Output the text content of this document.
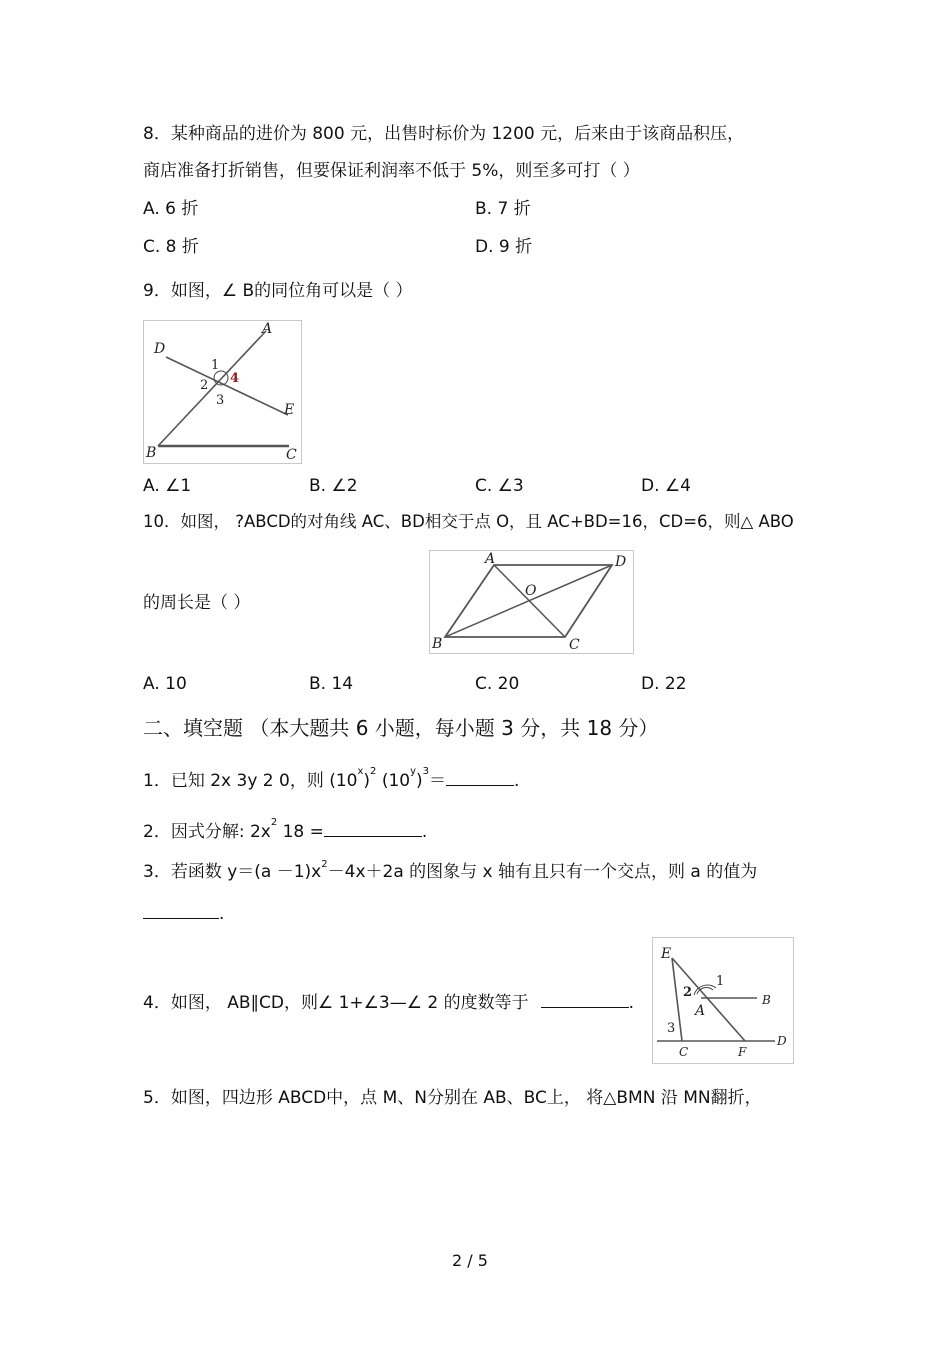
8．某种商品的进价为 800 元，出售时标价为 1200 元，后来由于该商品积压，
商店准备打折销售，但要保证利润率不低于 5%，则至多可打（ ）
A. 6 折	B. 7 折
C. 8 折	D. 9 折
9．如图，∠ B的同位角可以是（ ）
A
D
1
4
2
3
E
B	C
A. ∠1	B. ∠2	C. ∠3	D. ∠4
10．如图， ?ABCD的对角线 AC、BD相交于点 O，且 AC+BD=16，CD=6，则△ ABO
的周长是（ ）
A	D
O
B	C
A. 10	B. 14	C. 20	D. 22
二、填空题 （本大题共 6 小题，每小题 3 分，共 18 分）
1．已知 2x 3y 2 0，则 $(10^x)^2$ $(10^y)^3=$	.
2．因式分解: $2x^2$ 18 =	.
3．若函数 $y=(a -1)x^2-4x+2a$ 的图象与 x 轴有且只有一个交点，则 a 的值为
.
4．如图， AB∥CD，则∠ 1+∠3—∠ 2 的度数等于	.
E
1
2	B
A
3
C	F
D
5．如图，四边形 ABCD中，点 M、N分别在 AB、BC上， 将△BMN 沿 MN翻折，
2 / 5
